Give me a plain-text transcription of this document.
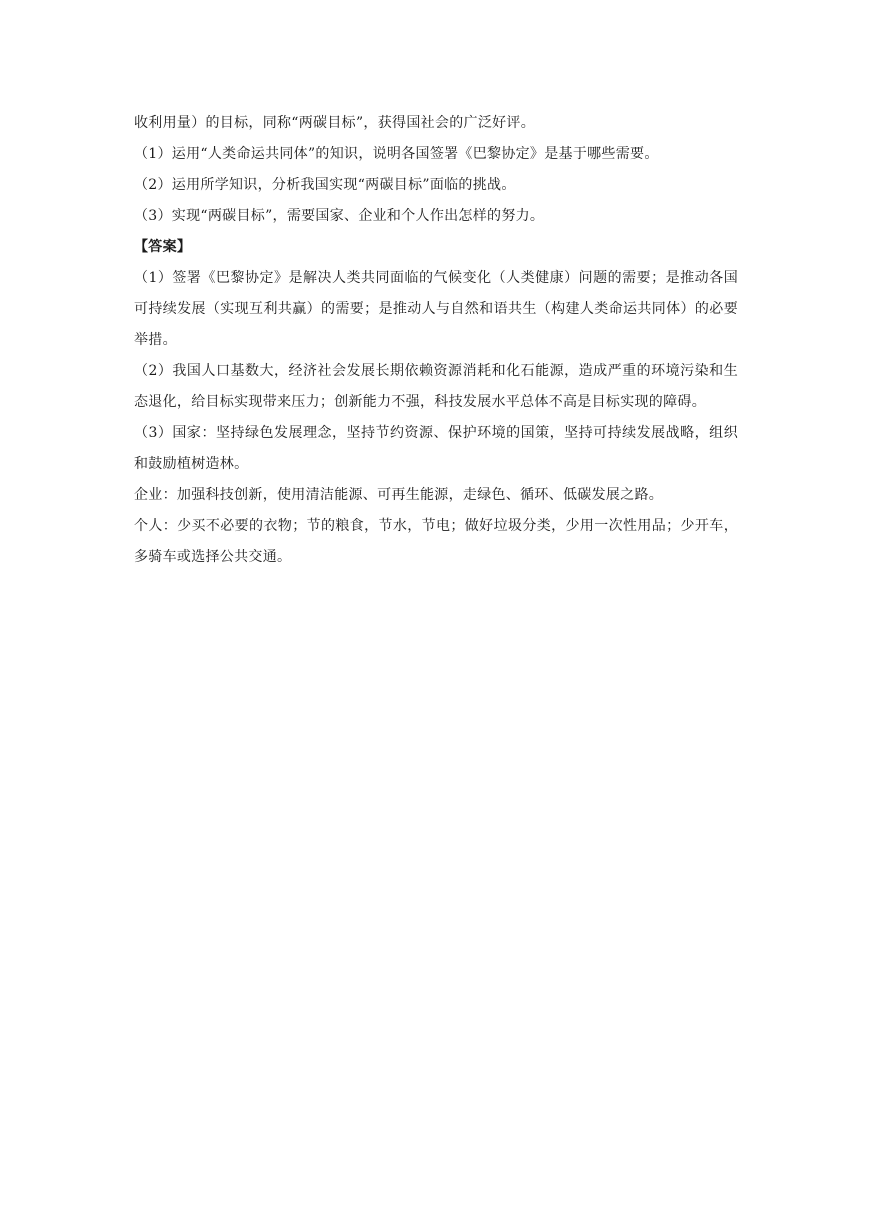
收利用量）的目标，同称“两碳目标”，获得国社会的广泛好评。

（1）运用“人类命运共同体”的知识，说明各国签署《巴黎协定》是基于哪些需要。

（2）运用所学知识，分析我国实现“两碳目标”面临的挑战。

（3）实现“两碳目标”，需要国家、企业和个人作出怎样的努力。

【答案】

（1）签署《巴黎协定》是解决人类共同面临的气候变化（人类健康）问题的需要；是推动各国可持续发展（实现互利共赢）的需要；是推动人与自然和语共生（构建人类命运共同体）的必要举措。

（2）我国人口基数大，经济社会发展长期依赖资源消耗和化石能源，造成严重的环境污染和生态退化，给目标实现带来压力；创新能力不强，科技发展水平总体不高是目标实现的障碍。

（3）国家：坚持绿色发展理念，坚持节约资源、保护环境的国策，坚持可持续发展战略，组织和鼓励植树造林。

企业：加强科技创新，使用清洁能源、可再生能源，走绿色、循环、低碳发展之路。

个人：少买不必要的衣物；节的粮食，节水，节电；做好垃圾分类，少用一次性用品；少开车，多骑车或选择公共交通。
